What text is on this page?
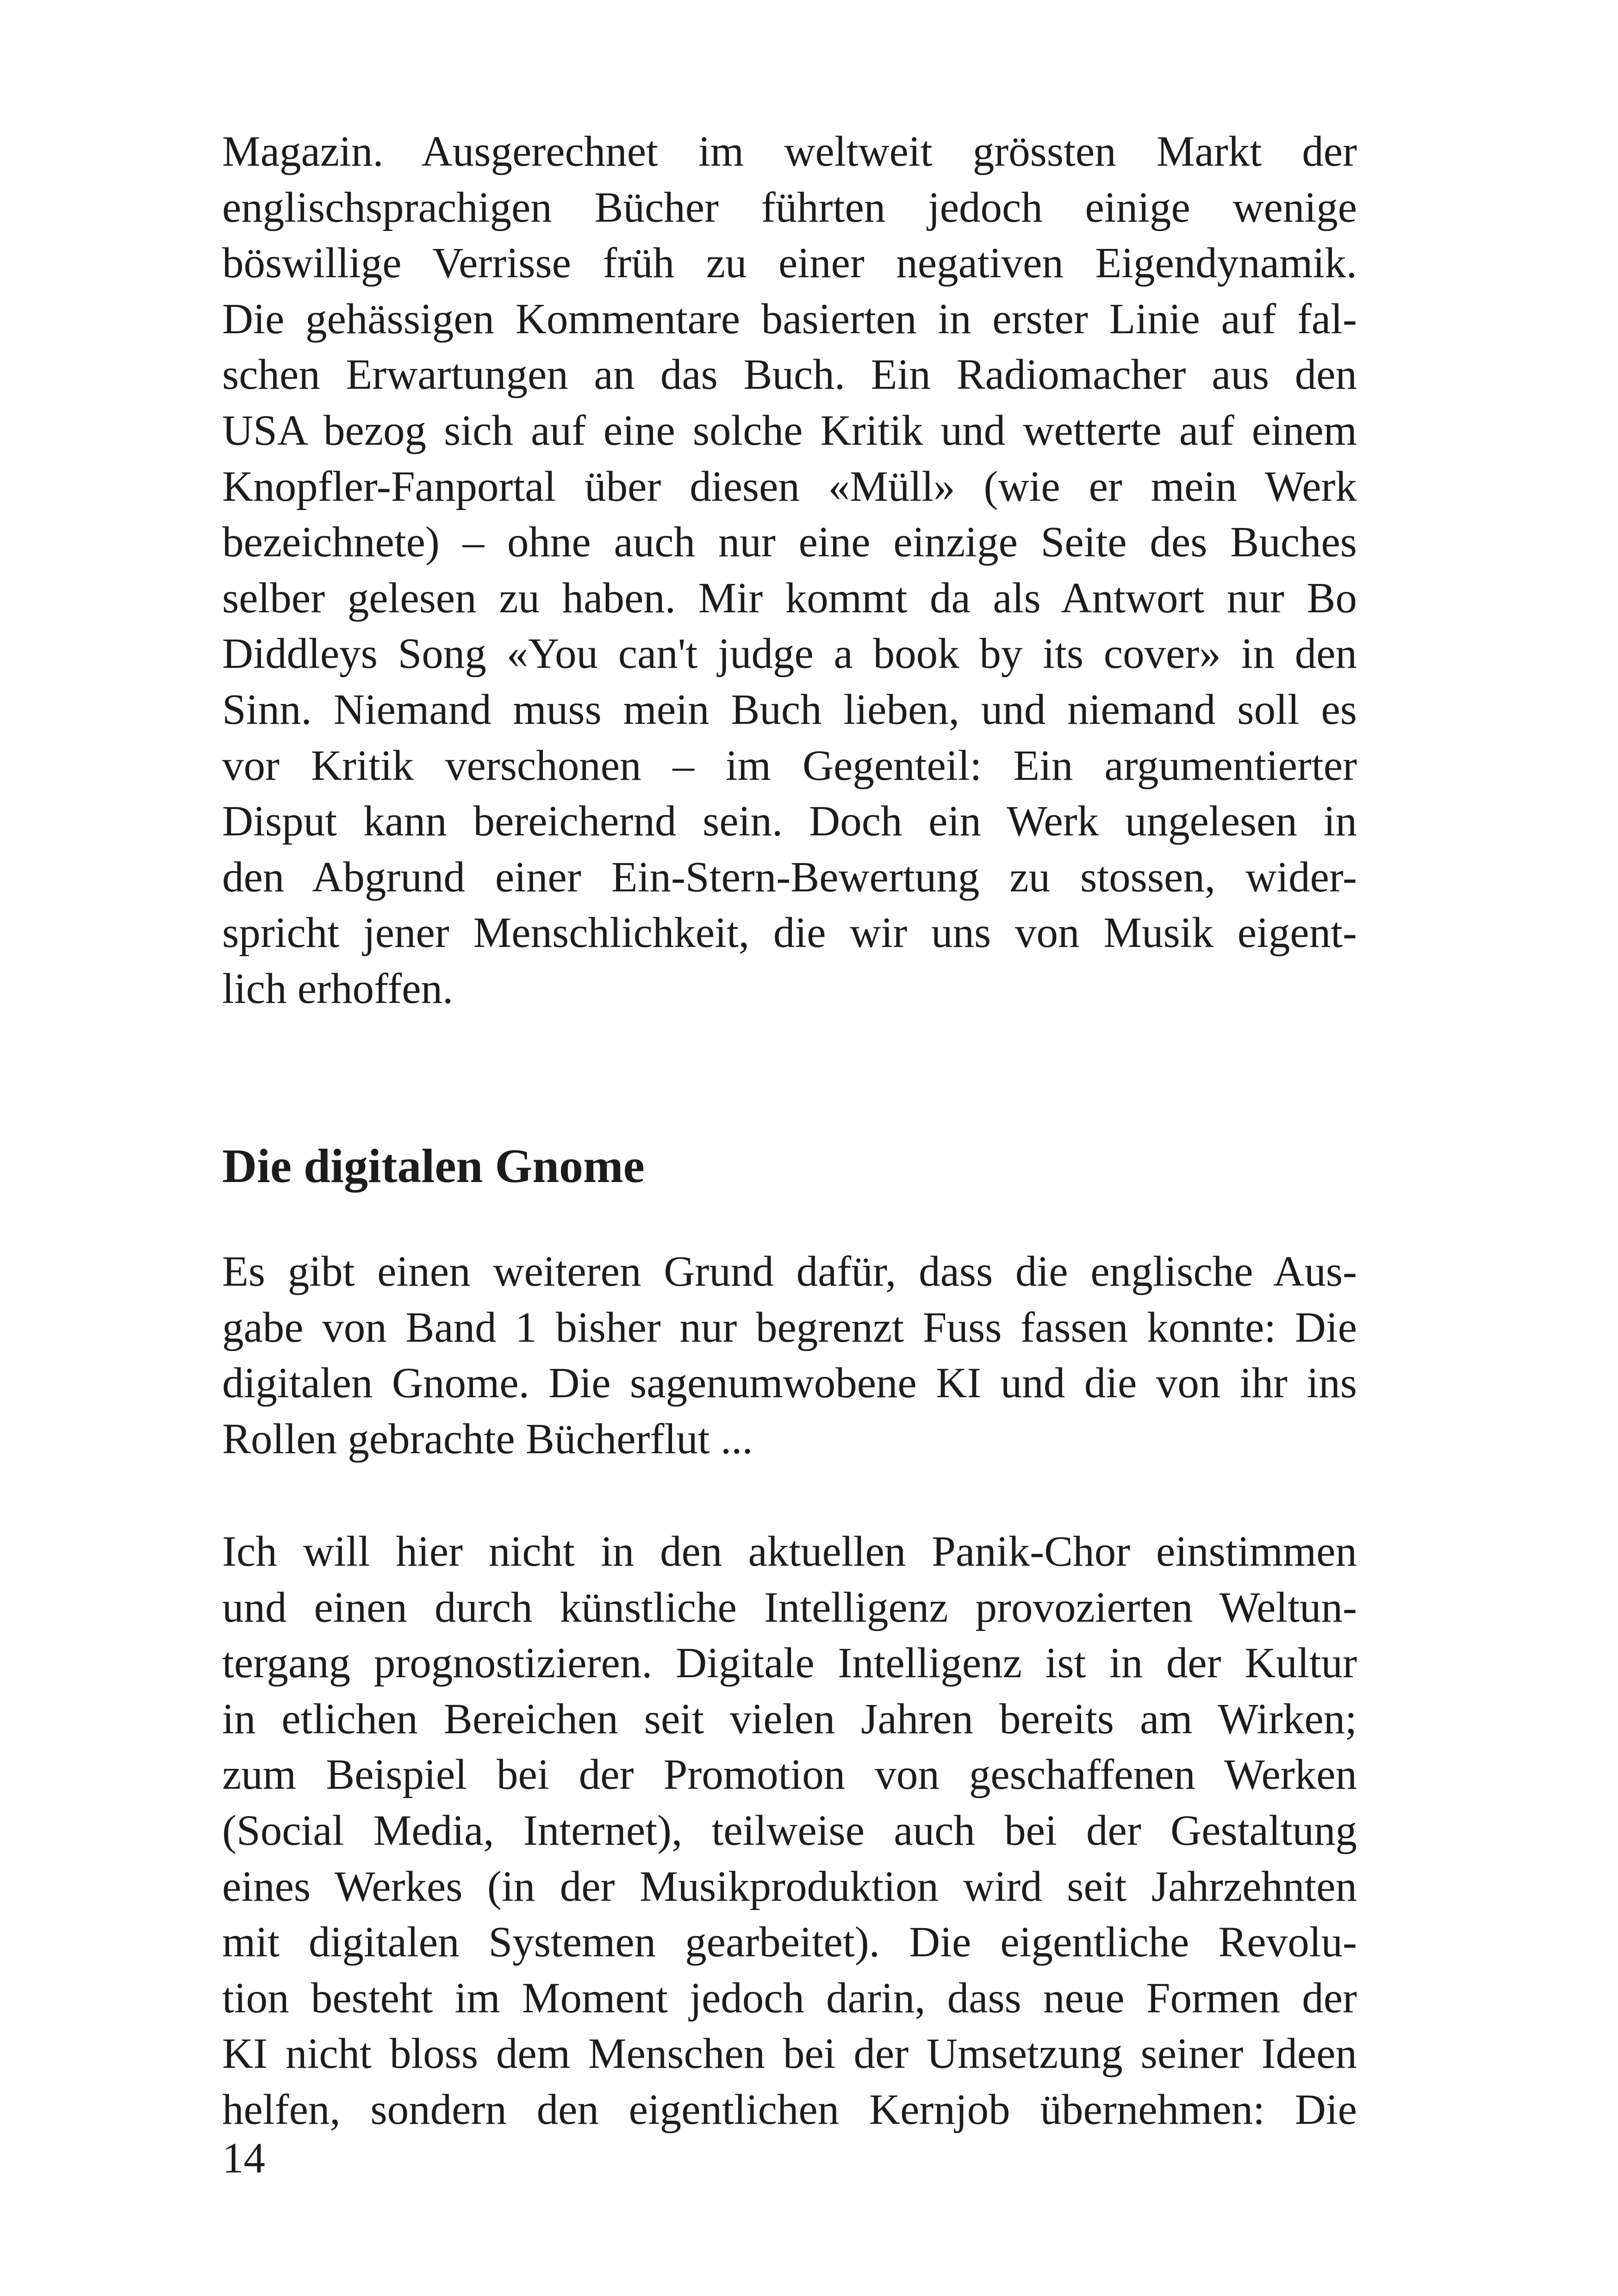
Magazin. Ausgerechnet im weltweit grössten Markt der
englischsprachigen Bücher führten jedoch einige wenige
böswillige Verrisse früh zu einer negativen Eigendynamik.
Die gehässigen Kommentare basierten in erster Linie auf fal-
schen Erwartungen an das Buch. Ein Radiomacher aus den
USA bezog sich auf eine solche Kritik und wetterte auf einem
Knopfler-Fanportal über diesen «Müll» (wie er mein Werk
bezeichnete) – ohne auch nur eine einzige Seite des Buches
selber gelesen zu haben. Mir kommt da als Antwort nur Bo
Diddleys Song «You can't judge a book by its cover» in den
Sinn. Niemand muss mein Buch lieben, und niemand soll es
vor Kritik verschonen – im Gegenteil: Ein argumentierter
Disput kann bereichernd sein. Doch ein Werk ungelesen in
den Abgrund einer Ein-Stern-Bewertung zu stossen, wider-
spricht jener Menschlichkeit, die wir uns von Musik eigent-
lich erhoffen.
Die digitalen Gnome
Es gibt einen weiteren Grund dafür, dass die englische Aus-
gabe von Band 1 bisher nur begrenzt Fuss fassen konnte: Die
digitalen Gnome. Die sagenumwobene KI und die von ihr ins
Rollen gebrachte Bücherflut ...
Ich will hier nicht in den aktuellen Panik-Chor einstimmen
und einen durch künstliche Intelligenz provozierten Weltun-
tergang prognostizieren. Digitale Intelligenz ist in der Kultur
in etlichen Bereichen seit vielen Jahren bereits am Wirken;
zum Beispiel bei der Promotion von geschaffenen Werken
(Social Media, Internet), teilweise auch bei der Gestaltung
eines Werkes (in der Musikproduktion wird seit Jahrzehnten
mit digitalen Systemen gearbeitet). Die eigentliche Revolu-
tion besteht im Moment jedoch darin, dass neue Formen der
KI nicht bloss dem Menschen bei der Umsetzung seiner Ideen
helfen, sondern den eigentlichen Kernjob übernehmen: Die
14
